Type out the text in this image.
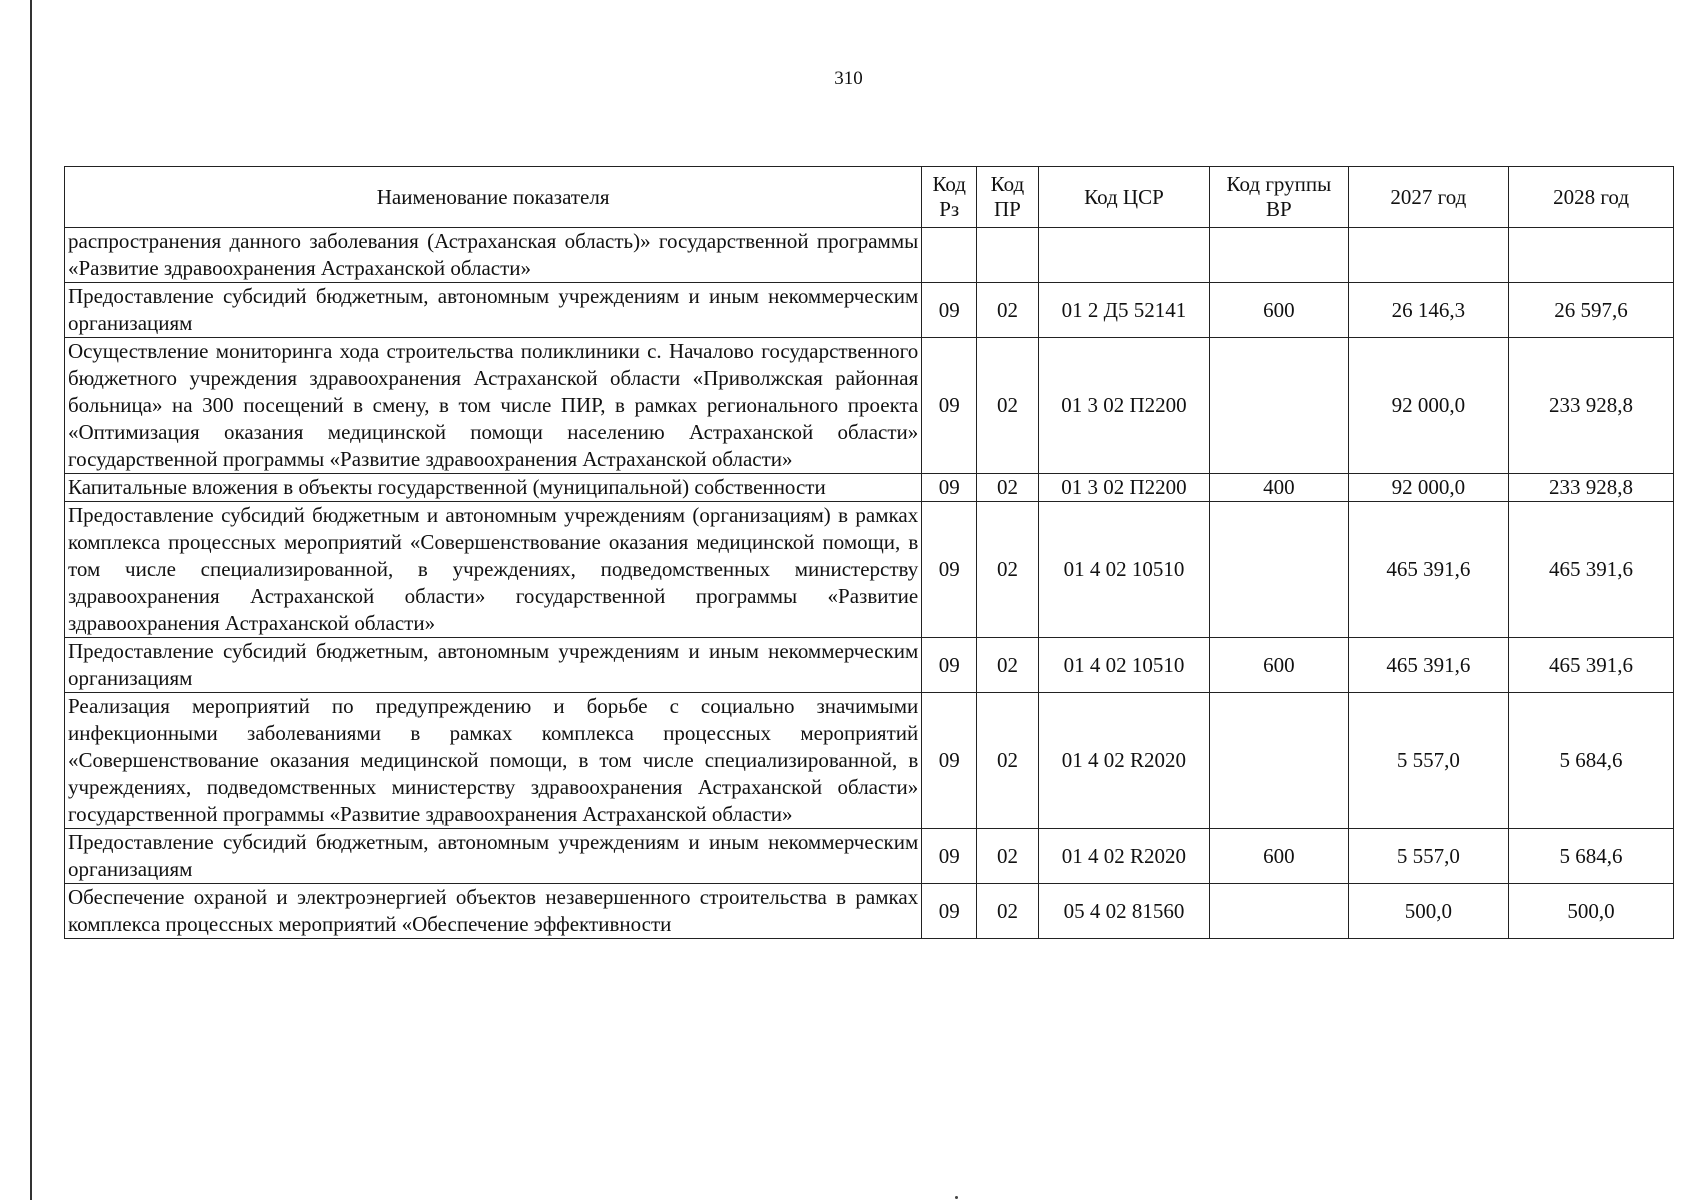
310
Наименование показателя	Код Рз	Код ПР	Код ЦСР	Код группы ВР	2027 год	2028 год
распространения данного заболевания (Астраханская область)» государственной программы «Развитие здравоохранения Астраханской области»						
Предоставление субсидий бюджетным, автономным учреждениям и иным некоммерческим организациям	09	02	01 2 Д5 52141	600	26 146,3	26 597,6
Осуществление мониторинга хода строительства поликлиники с. Началово государственного бюджетного учреждения здравоохранения Астраханской области «Приволжская районная больница» на 300 посещений в смену, в том числе ПИР, в рамках регионального проекта «Оптимизация оказания медицинской помощи населению Астраханской области» государственной программы «Развитие здравоохранения Астраханской области»	09	02	01 3 02 П2200		92 000,0	233 928,8
Капитальные вложения в объекты государственной (муниципальной) собственности	09	02	01 3 02 П2200	400	92 000,0	233 928,8
Предоставление субсидий бюджетным и автономным учреждениям (организациям) в рамках комплекса процессных мероприятий «Совершенствование оказания медицинской помощи, в том числе специализированной, в учреждениях, подведомственных министерству здравоохранения Астраханской области» государственной программы «Развитие здравоохранения Астраханской области»	09	02	01 4 02 10510		465 391,6	465 391,6
Предоставление субсидий бюджетным, автономным учреждениям и иным некоммерческим организациям	09	02	01 4 02 10510	600	465 391,6	465 391,6
Реализация мероприятий по предупреждению и борьбе с социально значимыми инфекционными заболеваниями в рамках комплекса процессных мероприятий «Совершенствование оказания медицинской помощи, в том числе специализированной, в учреждениях, подведомственных министерству здравоохранения Астраханской области» государственной программы «Развитие здравоохранения Астраханской области»	09	02	01 4 02 R2020		5 557,0	5 684,6
Предоставление субсидий бюджетным, автономным учреждениям и иным некоммерческим организациям	09	02	01 4 02 R2020	600	5 557,0	5 684,6
Обеспечение охраной и электроэнергией объектов незавершенного строительства в рамках комплекса процессных мероприятий «Обеспечение эффективности	09	02	05 4 02 81560		500,0	500,0
